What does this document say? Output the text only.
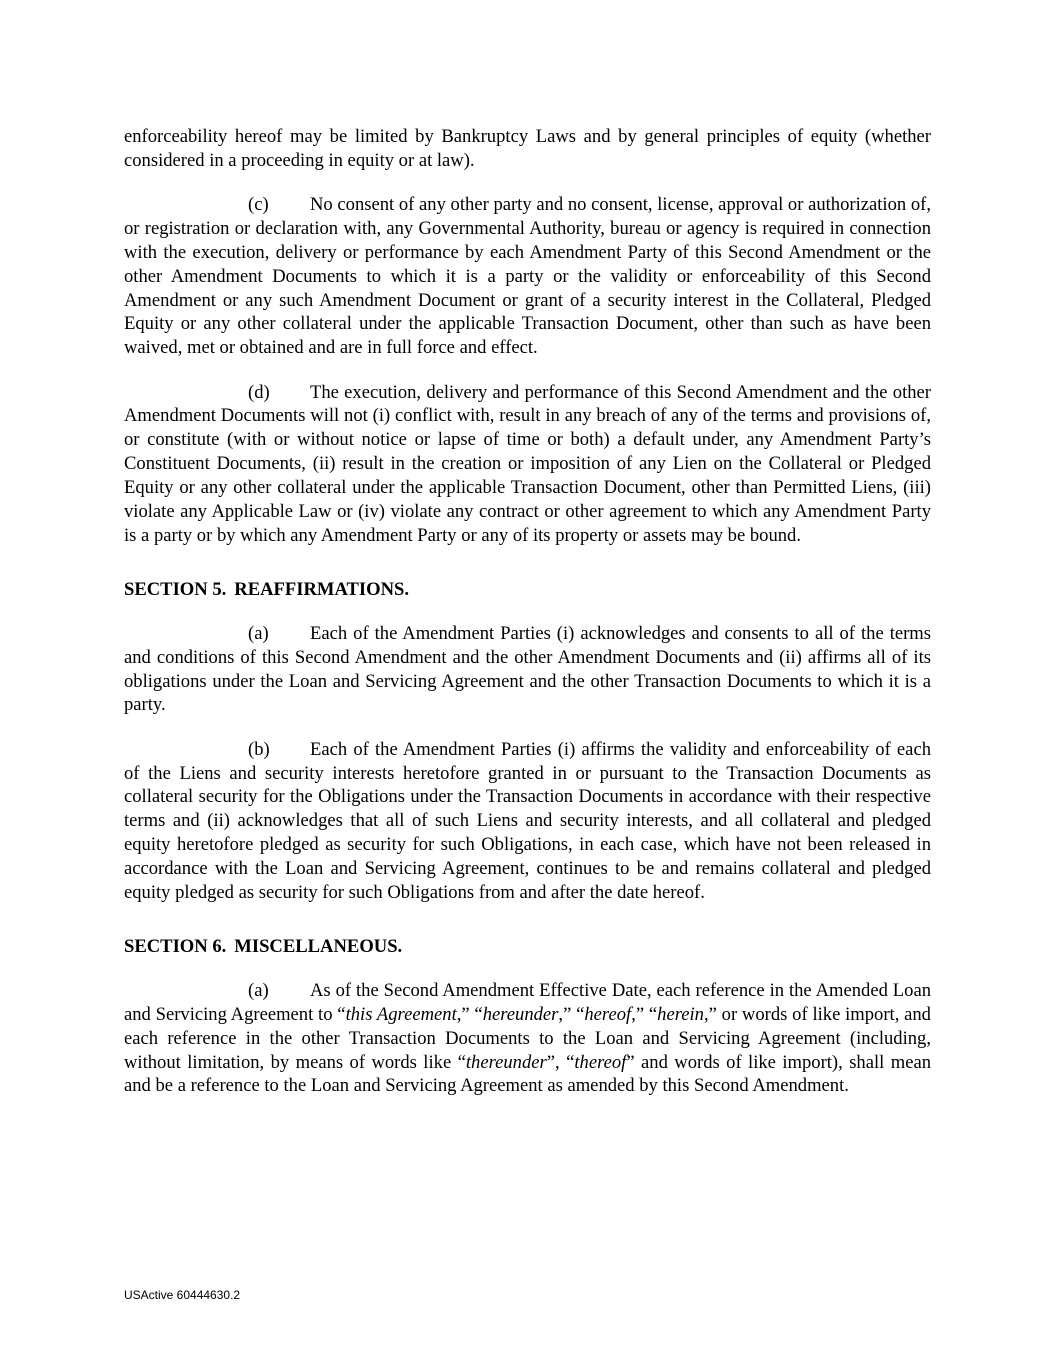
enforceability hereof may be limited by Bankruptcy Laws and by general principles of equity (whether considered in a proceeding in equity or at law).

(c) No consent of any other party and no consent, license, approval or authorization of, or registration or declaration with, any Governmental Authority, bureau or agency is required in connection with the execution, delivery or performance by each Amendment Party of this Second Amendment or the other Amendment Documents to which it is a party or the validity or enforceability of this Second Amendment or any such Amendment Document or grant of a security interest in the Collateral, Pledged Equity or any other collateral under the applicable Transaction Document, other than such as have been waived, met or obtained and are in full force and effect.

(d) The execution, delivery and performance of this Second Amendment and the other Amendment Documents will not (i) conflict with, result in any breach of any of the terms and provisions of, or constitute (with or without notice or lapse of time or both) a default under, any Amendment Party’s Constituent Documents, (ii) result in the creation or imposition of any Lien on the Collateral or Pledged Equity or any other collateral under the applicable Transaction Document, other than Permitted Liens, (iii) violate any Applicable Law or (iv) violate any contract or other agreement to which any Amendment Party is a party or by which any Amendment Party or any of its property or assets may be bound.

SECTION 5. REAFFIRMATIONS.

(a) Each of the Amendment Parties (i) acknowledges and consents to all of the terms and conditions of this Second Amendment and the other Amendment Documents and (ii) affirms all of its obligations under the Loan and Servicing Agreement and the other Transaction Documents to which it is a party.

(b) Each of the Amendment Parties (i) affirms the validity and enforceability of each of the Liens and security interests heretofore granted in or pursuant to the Transaction Documents as collateral security for the Obligations under the Transaction Documents in accordance with their respective terms and (ii) acknowledges that all of such Liens and security interests, and all collateral and pledged equity heretofore pledged as security for such Obligations, in each case, which have not been released in accordance with the Loan and Servicing Agreement, continues to be and remains collateral and pledged equity pledged as security for such Obligations from and after the date hereof.

SECTION 6. MISCELLANEOUS.

(a) As of the Second Amendment Effective Date, each reference in the Amended Loan and Servicing Agreement to “this Agreement,” “hereunder,” “hereof,” “herein,” or words of like import, and each reference in the other Transaction Documents to the Loan and Servicing Agreement (including, without limitation, by means of words like “thereunder”, “thereof” and words of like import), shall mean and be a reference to the Loan and Servicing Agreement as amended by this Second Amendment.

USActive 60444630.2
